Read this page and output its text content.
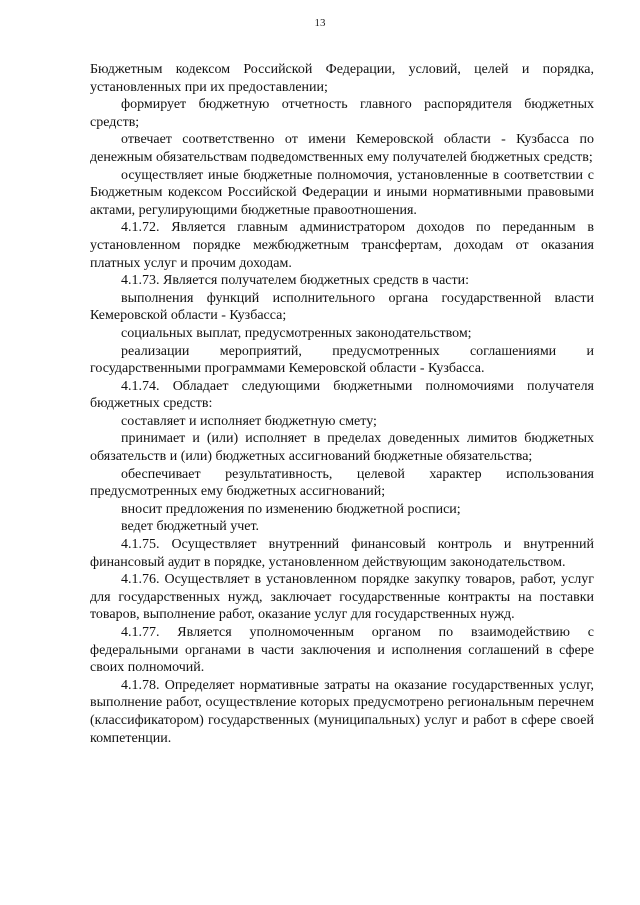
13

Бюджетным кодексом Российской Федерации, условий, целей и порядка, установленных при их предоставлении;

формирует бюджетную отчетность главного распорядителя бюджетных средств;

отвечает соответственно от имени Кемеровской области - Кузбасса по денежным обязательствам подведомственных ему получателей бюджетных средств;

осуществляет иные бюджетные полномочия, установленные в соответствии с Бюджетным кодексом Российской Федерации и иными нормативными правовыми актами, регулирующими бюджетные правоотношения.

4.1.72. Является главным администратором доходов по переданным в установленном порядке межбюджетным трансфертам, доходам от оказания платных услуг и прочим доходам.

4.1.73. Является получателем бюджетных средств в части:

выполнения функций исполнительного органа государственной власти Кемеровской области - Кузбасса;

социальных выплат, предусмотренных законодательством;

реализации мероприятий, предусмотренных соглашениями и государственными программами Кемеровской области - Кузбасса.

4.1.74. Обладает следующими бюджетными полномочиями получателя бюджетных средств:

составляет и исполняет бюджетную смету;

принимает и (или) исполняет в пределах доведенных лимитов бюджетных обязательств и (или) бюджетных ассигнований бюджетные обязательства;

обеспечивает результативность, целевой характер использования предусмотренных ему бюджетных ассигнований;

вносит предложения по изменению бюджетной росписи;

ведет бюджетный учет.

4.1.75. Осуществляет внутренний финансовый контроль и внутренний финансовый аудит в порядке, установленном действующим законодательством.

4.1.76. Осуществляет в установленном порядке закупку товаров, работ, услуг для государственных нужд, заключает государственные контракты на поставки товаров, выполнение работ, оказание услуг для государственных нужд.

4.1.77. Является уполномоченным органом по взаимодействию с федеральными органами в части заключения и исполнения соглашений в сфере своих полномочий.

4.1.78. Определяет нормативные затраты на оказание государственных услуг, выполнение работ, осуществление которых предусмотрено региональным перечнем (классификатором) государственных (муниципальных) услуг и работ в сфере своей компетенции.
